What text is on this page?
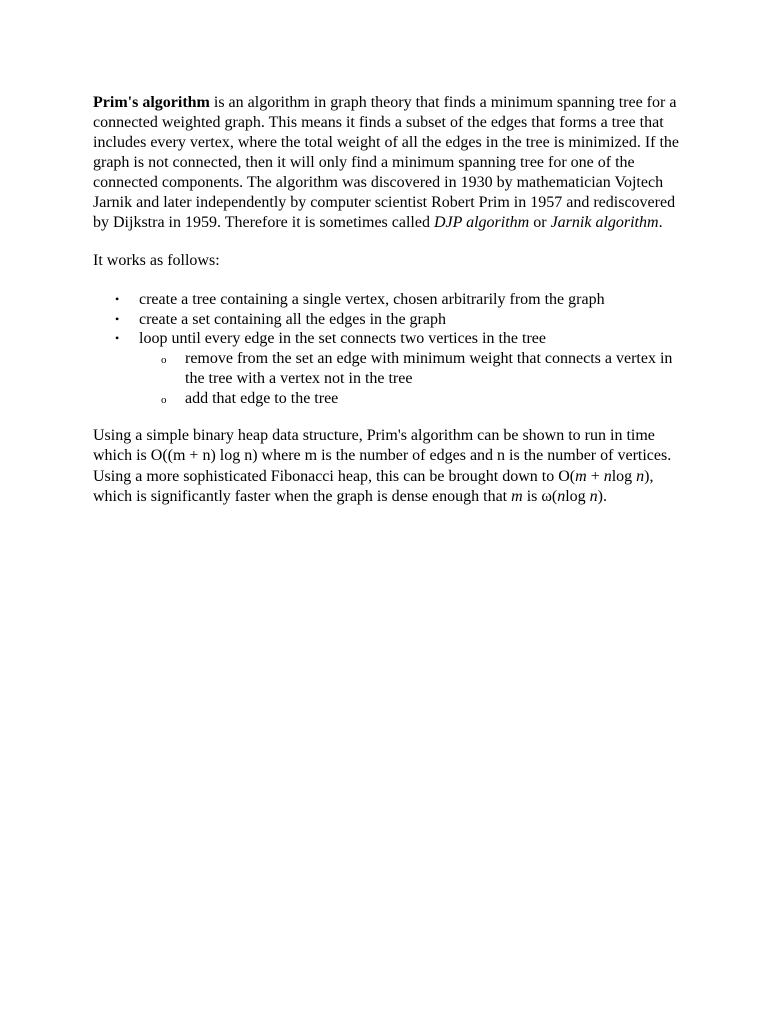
Prim's algorithm is an algorithm in graph theory that finds a minimum spanning tree for a connected weighted graph. This means it finds a subset of the edges that forms a tree that includes every vertex, where the total weight of all the edges in the tree is minimized. If the graph is not connected, then it will only find a minimum spanning tree for one of the connected components. The algorithm was discovered in 1930 by mathematician Vojtech Jarnik and later independently by computer scientist Robert Prim in 1957 and rediscovered by Dijkstra in 1959. Therefore it is sometimes called DJP algorithm or Jarnik algorithm.

It works as follows:

• create a tree containing a single vertex, chosen arbitrarily from the graph
• create a set containing all the edges in the graph
• loop until every edge in the set connects two vertices in the tree
o remove from the set an edge with minimum weight that connects a vertex in the tree with a vertex not in the tree
o add that edge to the tree

Using a simple binary heap data structure, Prim's algorithm can be shown to run in time which is O((m + n) log n) where m is the number of edges and n is the number of vertices. Using a more sophisticated Fibonacci heap, this can be brought down to O(m + nlog n), which is significantly faster when the graph is dense enough that m is ω(nlog n).
